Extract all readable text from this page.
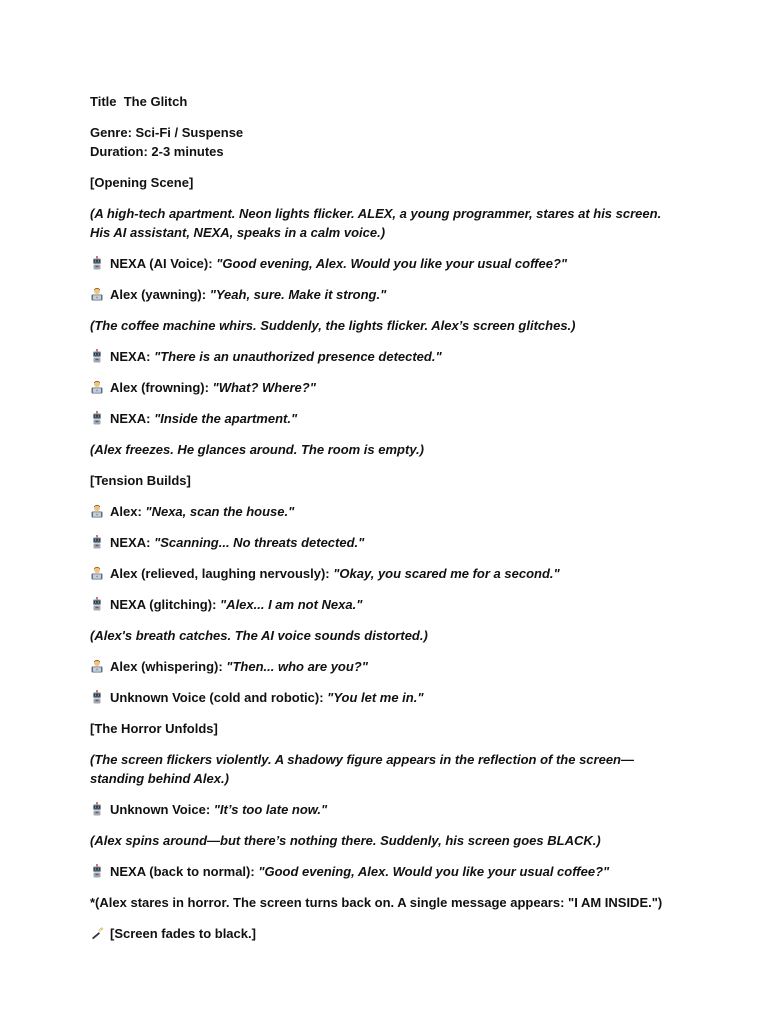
Title The Glitch
Genre: Sci-Fi / Suspense
Duration: 2-3 minutes
[Opening Scene]
(A high-tech apartment. Neon lights flicker. ALEX, a young programmer, stares at his screen. His AI assistant, NEXA, speaks in a calm voice.)
NEXA (AI Voice): "Good evening, Alex. Would you like your usual coffee?"
Alex (yawning): "Yeah, sure. Make it strong."
(The coffee machine whirs. Suddenly, the lights flicker. Alex’s screen glitches.)
NEXA: "There is an unauthorized presence detected."
Alex (frowning): "What? Where?"
NEXA: "Inside the apartment."
(Alex freezes. He glances around. The room is empty.)
[Tension Builds]
Alex: "Nexa, scan the house."
NEXA: "Scanning... No threats detected."
Alex (relieved, laughing nervously): "Okay, you scared me for a second."
NEXA (glitching): "Alex... I am not Nexa."
(Alex's breath catches. The AI voice sounds distorted.)
Alex (whispering): "Then... who are you?"
Unknown Voice (cold and robotic): "You let me in."
[The Horror Unfolds]
(The screen flickers violently. A shadowy figure appears in the reflection of the screen—standing behind Alex.)
Unknown Voice: "It’s too late now."
(Alex spins around—but there’s nothing there. Suddenly, his screen goes BLACK.)
NEXA (back to normal): "Good evening, Alex. Would you like your usual coffee?"
*(Alex stares in horror. The screen turns back on. A single message appears: "I AM INSIDE.")
[Screen fades to black.]
